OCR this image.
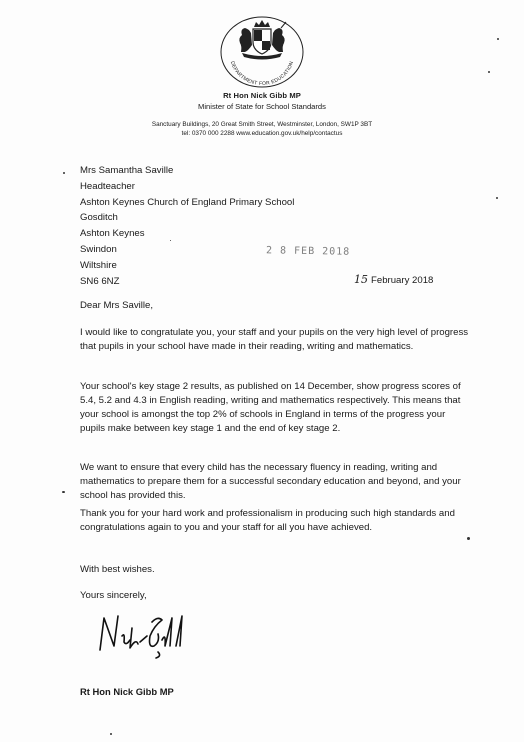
DEPARTMENT FOR EDUCATION
Rt Hon Nick Gibb MP
Minister of State for School Standards
Sanctuary Buildings, 20 Great Smith Street, Westminster, London, SW1P 3BT
tel: 0370 000 2288 www.education.gov.uk/help/contactus
Mrs Samantha Saville
Headteacher
Ashton Keynes Church of England Primary School
Gosditch
Ashton Keynes
Swindon
Wiltshire
SN6 6NZ
2 8 FEB 2018
15 February 2018
Dear Mrs Saville,

I would like to congratulate you, your staff and your pupils on the very high level of progress that pupils in your school have made in their reading, writing and mathematics.

Your school's key stage 2 results, as published on 14 December, show progress scores of 5.4, 5.2 and 4.3 in English reading, writing and mathematics respectively. This means that your school is amongst the top 2% of schools in England in terms of the progress your pupils make between key stage 1 and the end of key stage 2.

We want to ensure that every child has the necessary fluency in reading, writing and mathematics to prepare them for a successful secondary education and beyond, and your school has provided this.

Thank you for your hard work and professionalism in producing such high standards and congratulations again to you and your staff for all you have achieved.

With best wishes.
Yours sincerely,
Rt Hon Nick Gibb MP
